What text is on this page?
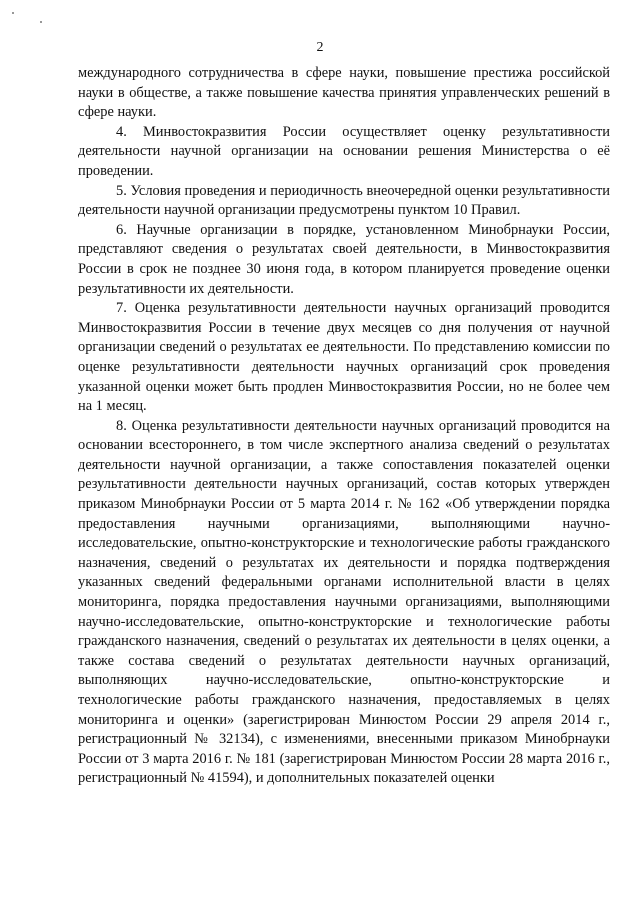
2

международного сотрудничества в сфере науки, повышение престижа российской науки в обществе, а также повышение качества принятия управленческих решений в сфере науки.

4. Минвостокразвития России осуществляет оценку результативности деятельности научной организации на основании решения Министерства о её проведении.

5. Условия проведения и периодичность внеочередной оценки результативности деятельности научной организации предусмотрены пунктом 10 Правил.

6. Научные организации в порядке, установленном Минобрнауки России, представляют сведения о результатах своей деятельности, в Минвостокразвития России в срок не позднее 30 июня года, в котором планируется проведение оценки результативности их деятельности.

7. Оценка результативности деятельности научных организаций проводится Минвостокразвития России в течение двух месяцев со дня получения от научной организации сведений о результатах ее деятельности. По представлению комиссии по оценке результативности деятельности научных организаций срок проведения указанной оценки может быть продлен Минвостокразвития России, но не более чем на 1 месяц.

8. Оценка результативности деятельности научных организаций проводится на основании всестороннего, в том числе экспертного анализа сведений о результатах деятельности научной организации, а также сопоставления показателей оценки результативности деятельности научных организаций, состав которых утвержден приказом Минобрнауки России от 5 марта 2014 г. № 162 «Об утверждении порядка предоставления научными организациями, выполняющими научно-исследовательские, опытно-конструкторские и технологические работы гражданского назначения, сведений о результатах их деятельности и порядка подтверждения указанных сведений федеральными органами исполнительной власти в целях мониторинга, порядка предоставления научными организациями, выполняющими научно-исследовательские, опытно-конструкторские и технологические работы гражданского назначения, сведений о результатах их деятельности в целях оценки, а также состава сведений о результатах деятельности научных организаций, выполняющих научно-исследовательские, опытно-конструкторские и технологические работы гражданского назначения, предоставляемых в целях мониторинга и оценки» (зарегистрирован Минюстом России 29 апреля 2014 г., регистрационный № 32134), с изменениями, внесенными приказом Минобрнауки России от 3 марта 2016 г. № 181 (зарегистрирован Минюстом России 28 марта 2016 г., регистрационный № 41594), и дополнительных показателей оценки
